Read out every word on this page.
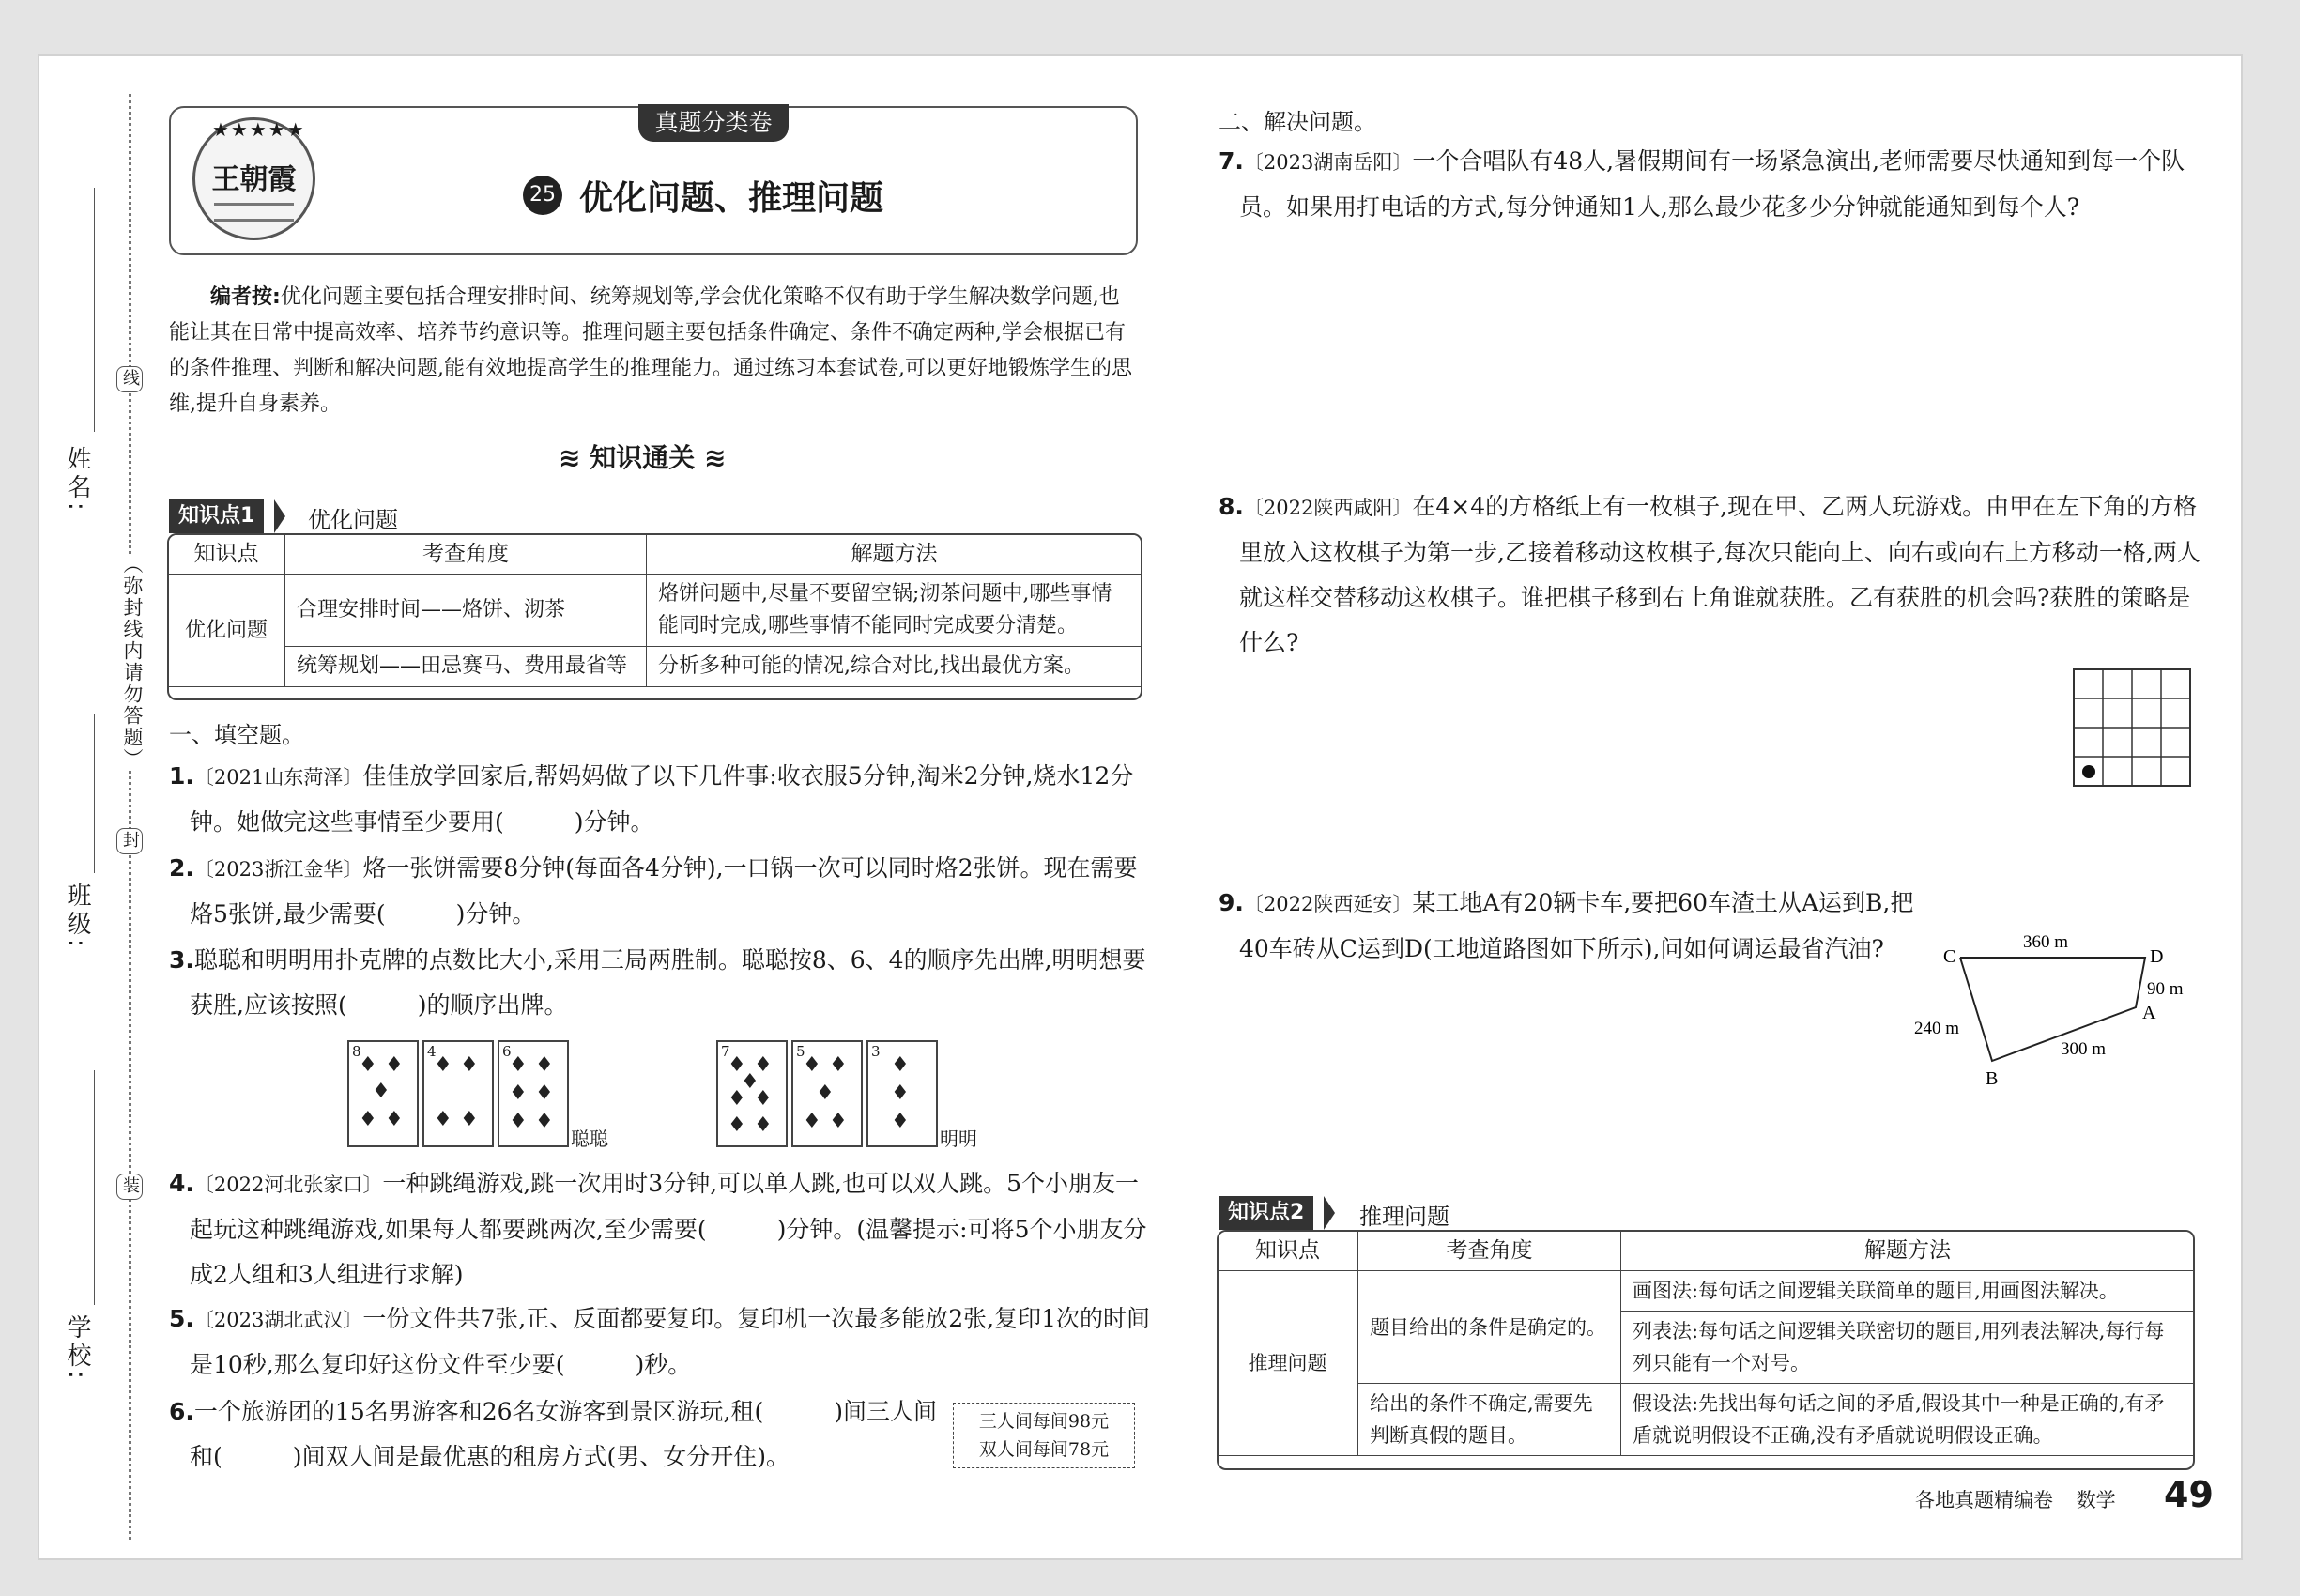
姓名:
班级:
学校:
线
（弥封线内请勿答题）
封
装
真题分类卷
25 优化问题、推理问题
★★★★★
王朝霞
编者按:优化问题主要包括合理安排时间、统筹规划等,学会优化策略不仅有助于学生解决数学问题,也能让其在日常中提高效率、培养节约意识等。推理问题主要包括条件确定、条件不确定两种,学会根据已有的条件推理、判断和解决问题,能有效地提高学生的推理能力。通过练习本套试卷,可以更好地锻炼学生的思维,提升自身素养。
≋ 知识通关 ≋
知识点1	优化问题
知识点	考查角度	解题方法
优化问题	合理安排时间——烙饼、沏茶	烙饼问题中,尽量不要留空锅;沏茶问题中,哪些事情能同时完成,哪些事情不能同时完成要分清楚。
	统筹规划——田忌赛马、费用最省等	分析多种可能的情况,综合对比,找出最优方案。
一、填空题。
1.〔2021山东菏泽〕佳佳放学回家后,帮妈妈做了以下几件事:收衣服5分钟,淘米2分钟,烧水12分钟。她做完这些事情至少要用(　　　)分钟。
2.〔2023浙江金华〕烙一张饼需要8分钟(每面各4分钟),一口锅一次可以同时烙2张饼。现在需要烙5张饼,最少需要(　　　)分钟。
3.聪聪和明明用扑克牌的点数比大小,采用三局两胜制。聪聪按8、6、4的顺序先出牌,明明想要获胜,应该按照(　　　)的顺序出牌。
8
♦ ♦
♦
♦ ♦
4
♦ ♦
♦ ♦
6
♦ ♦
♦ ♦
♦ ♦
聪聪
7
♦ ♦
♦
♦ ♦
♦ ♦
5
♦ ♦
♦
♦ ♦
3
♦
♦
♦
明明
4.〔2022河北张家口〕一种跳绳游戏,跳一次用时3分钟,可以单人跳,也可以双人跳。5个小朋友一起玩这种跳绳游戏,如果每人都要跳两次,至少需要(　　　)分钟。(温馨提示:可将5个小朋友分成2人组和3人组进行求解)
5.〔2023湖北武汉〕一份文件共7张,正、反面都要复印。复印机一次最多能放2张,复印1次的时间是10秒,那么复印好这份文件至少要(　　　)秒。
6.一个旅游团的15名男游客和26名女游客到景区游玩,租(　　　)间三人间和(　　　)间双人间是最优惠的租房方式(男、女分开住)。
三人间每间98元
双人间每间78元
二、解决问题。
7.〔2023湖南岳阳〕一个合唱队有48人,暑假期间有一场紧急演出,老师需要尽快通知到每一个队员。如果用打电话的方式,每分钟通知1人,那么最少花多少分钟就能通知到每个人?
8.〔2022陕西咸阳〕在4×4的方格纸上有一枚棋子,现在甲、乙两人玩游戏。由甲在左下角的方格里放入这枚棋子为第一步,乙接着移动这枚棋子,每次只能向上、向右或向右上方移动一格,两人就这样交替移动这枚棋子。谁把棋子移到右上角谁就获胜。乙有获胜的机会吗?获胜的策略是什么?
9.〔2022陕西延安〕某工地A有20辆卡车,要把60车渣土从A运到B,把40车砖从C运到D(工地道路图如下所示),问如何调运最省汽油?	C	D
A
B
360 m
90 m
300 m
240 m
知识点2	推理问题
知识点	考查角度	解题方法
推理问题	题目给出的条件是确定的。	画图法:每句话之间逻辑关联简单的题目,用画图法解决。
		列表法:每句话之间逻辑关联密切的题目,用列表法解决,每行每列只能有一个对号。
	给出的条件不确定,需要先判断真假的题目。	假设法:先找出每句话之间的矛盾,假设其中一种是正确的,有矛盾就说明假设不正确,没有矛盾就说明假设正确。
各地真题精编卷 数学 49
